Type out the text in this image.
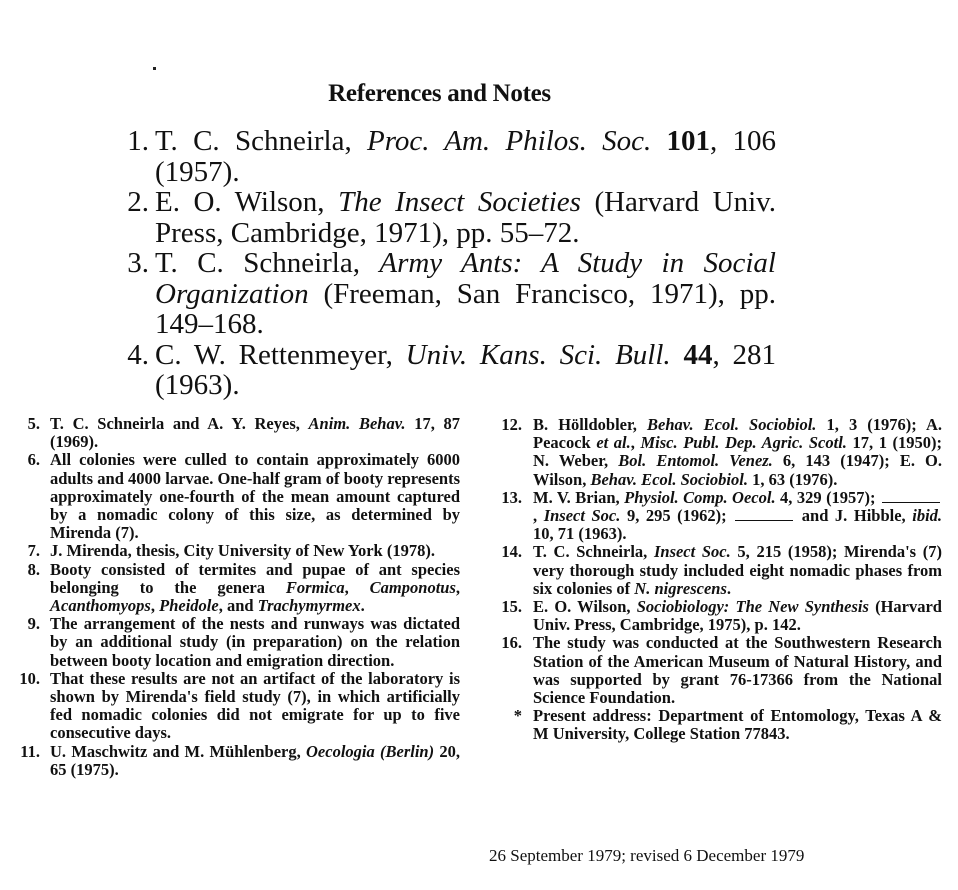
References and Notes
1. T. C. Schneirla, Proc. Am. Philos. Soc. 101, 106 (1957).
2. E. O. Wilson, The Insect Societies (Harvard Univ. Press, Cambridge, 1971), pp. 55–72.
3. T. C. Schneirla, Army Ants: A Study in Social Organization (Freeman, San Francisco, 1971), pp. 149–168.
4. C. W. Rettenmeyer, Univ. Kans. Sci. Bull. 44, 281 (1963).
5. T. C. Schneirla and A. Y. Reyes, Anim. Behav. 17, 87 (1969).
6. All colonies were culled to contain approximately 6000 adults and 4000 larvae. One-half gram of booty represents approximately one-fourth of the mean amount captured by a nomadic colony of this size, as determined by Mirenda (7).
7. J. Mirenda, thesis, City University of New York (1978).
8. Booty consisted of termites and pupae of ant species belonging to the genera Formica, Camponotus, Acanthomyops, Pheidole, and Trachymyrmex.
9. The arrangement of the nests and runways was dictated by an additional study (in preparation) on the relation between booty location and emigration direction.
10. That these results are not an artifact of the laboratory is shown by Mirenda's field study (7), in which artificially fed nomadic colonies did not emigrate for up to five consecutive days.
11. U. Maschwitz and M. Mühlenberg, Oecologia (Berlin) 20, 65 (1975).
12. B. Hölldobler, Behav. Ecol. Sociobiol. 1, 3 (1976); A. Peacock et al., Misc. Publ. Dep. Agric. Scotl. 17, 1 (1950); N. Weber, Bol. Entomol. Venez. 6, 143 (1947); E. O. Wilson, Behav. Ecol. Sociobiol. 1, 63 (1976).
13. M. V. Brian, Physiol. Comp. Oecol. 4, 329 (1957); , Insect Soc. 9, 295 (1962);	and J. Hibble, ibid. 10, 71 (1963).
14. T. C. Schneirla, Insect Soc. 5, 215 (1958); Mirenda's (7) very thorough study included eight nomadic phases from six colonies of N. nigrescens.
15. E. O. Wilson, Sociobiology: The New Synthesis (Harvard Univ. Press, Cambridge, 1975), p. 142.
16. The study was conducted at the Southwestern Research Station of the American Museum of Natural History, and was supported by grant 76-17366 from the National Science Foundation.
* Present address: Department of Entomology, Texas A & M University, College Station 77843.
26 September 1979; revised 6 December 1979
